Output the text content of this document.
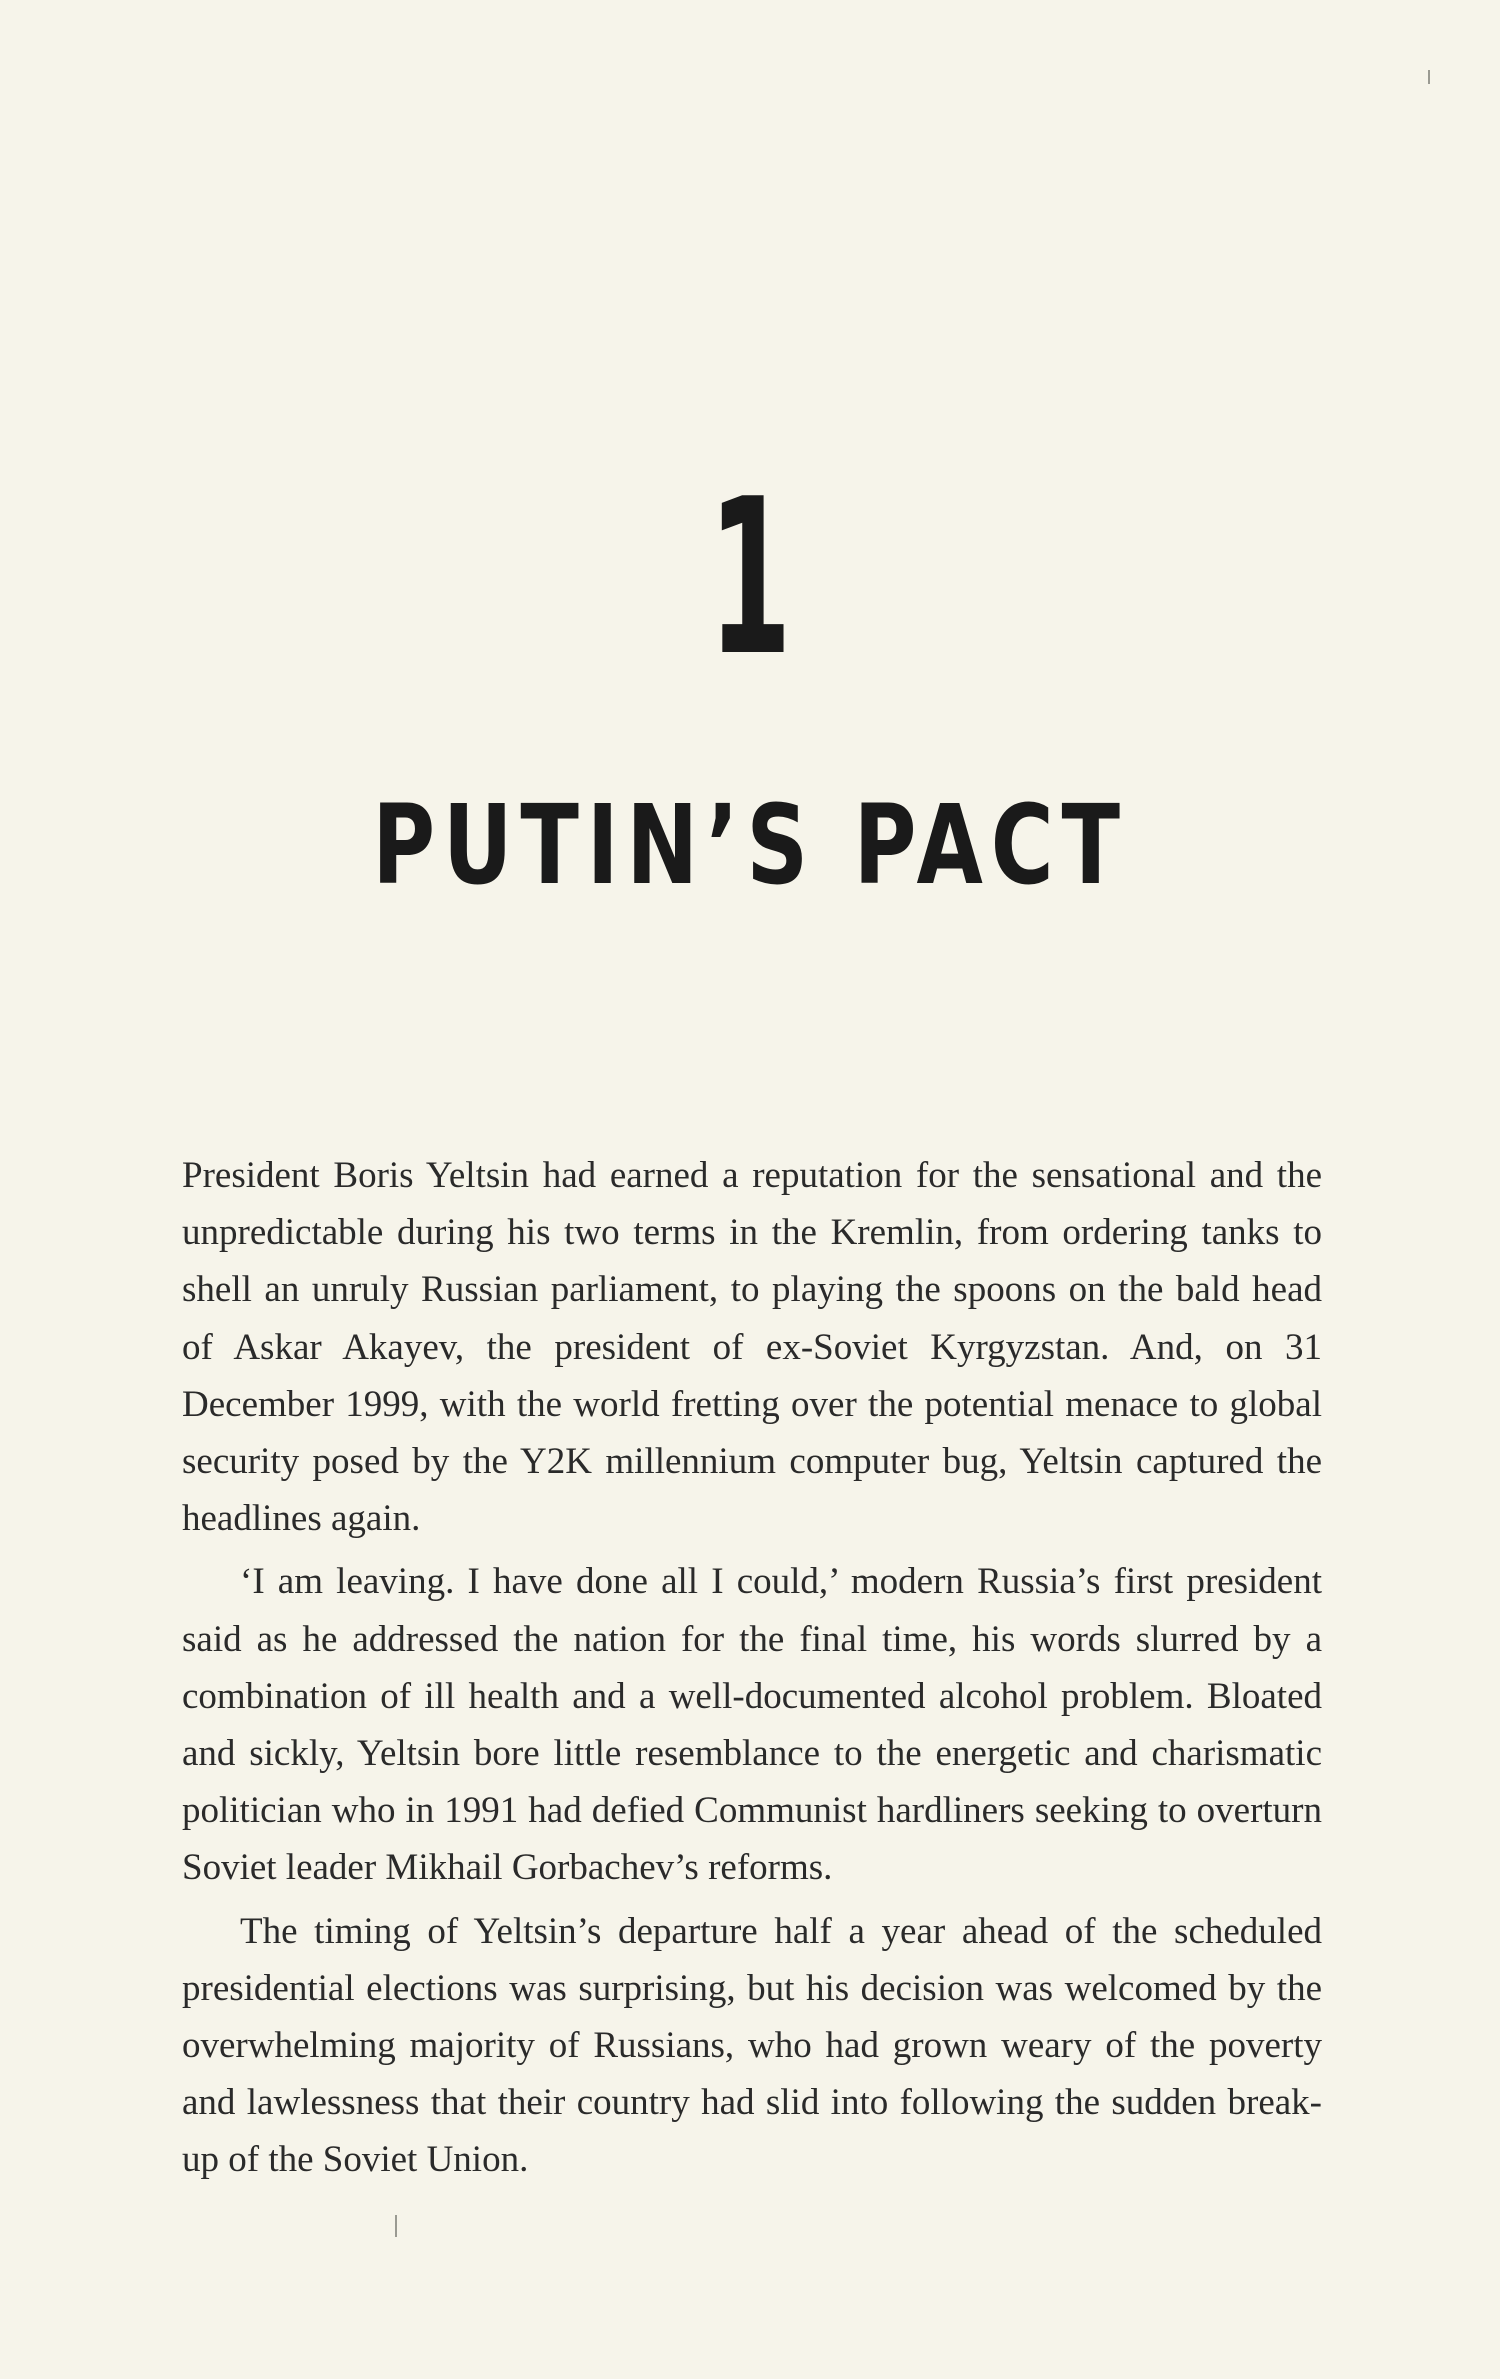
1
PUTIN’S PACT

President Boris Yeltsin had earned a reputation for the sensational and the unpredictable during his two terms in the Kremlin, from ordering tanks to shell an unruly Russian parliament, to playing the spoons on the bald head of Askar Akayev, the president of ex-Soviet Kyrgyzstan. And, on 31 December 1999, with the world fretting over the potential menace to global security posed by the Y2K millennium computer bug, Yeltsin captured the headlines again.

‘I am leaving. I have done all I could,’ modern Russia’s first president said as he addressed the nation for the final time, his words slurred by a combination of ill health and a well-documented alcohol problem. Bloated and sickly, Yeltsin bore little resemblance to the energetic and charismatic politician who in 1991 had defied Communist hardliners seeking to overturn Soviet leader Mikhail Gorbachev’s reforms.

The timing of Yeltsin’s departure half a year ahead of the scheduled presidential elections was surprising, but his decision was welcomed by the overwhelming majority of Russians, who had grown weary of the poverty and lawlessness that their country had slid into following the sudden break-up of the Soviet Union.
